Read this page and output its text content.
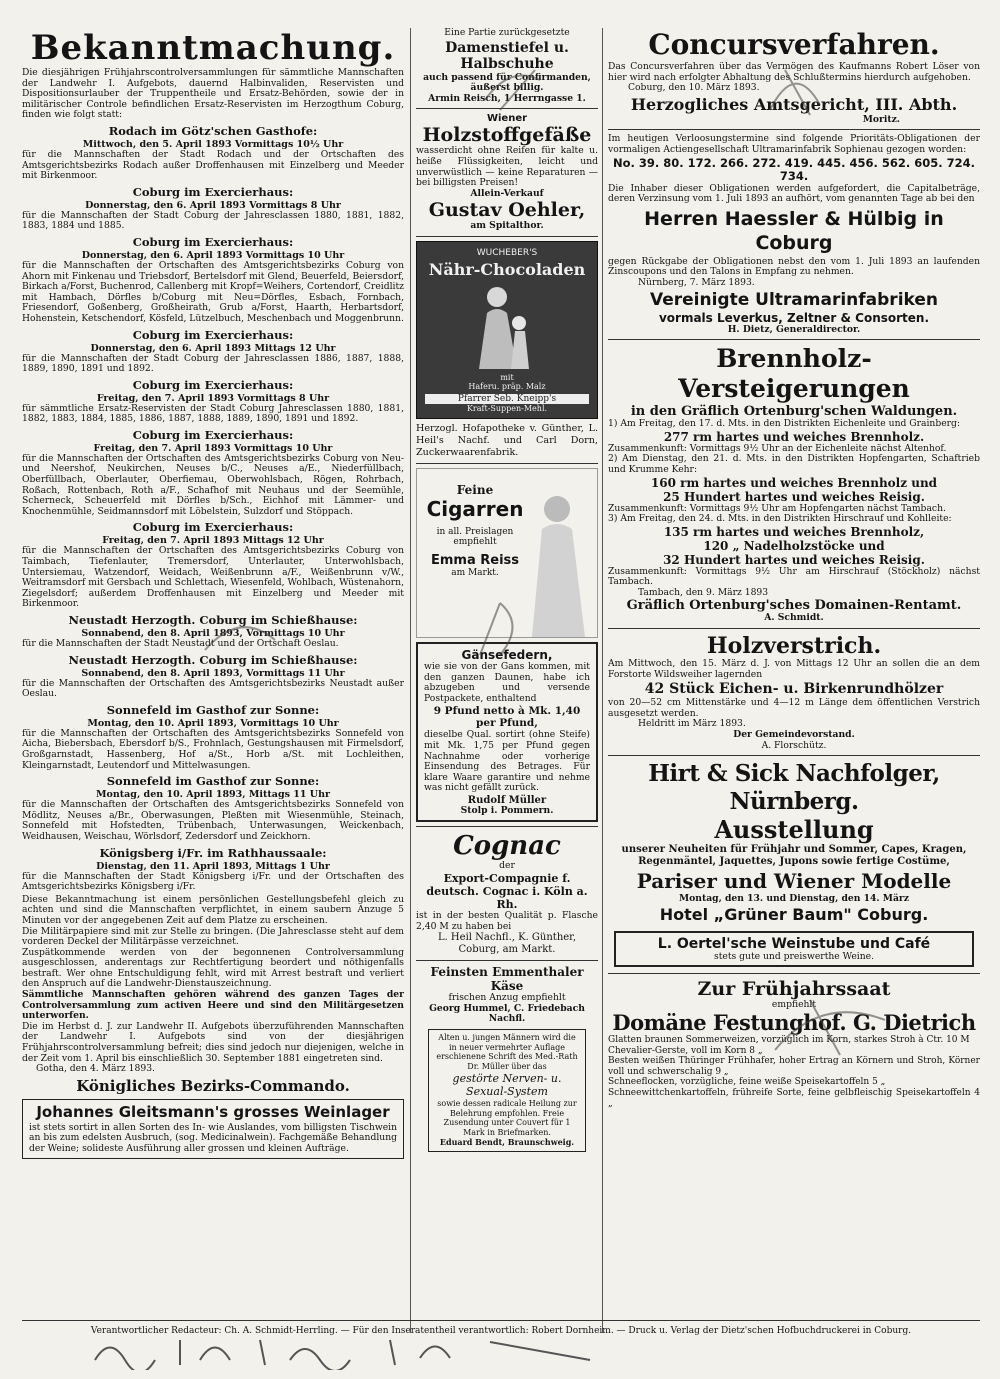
Bekanntmachung.

Die diesjährigen Frühjahrscontrolversammlungen für sämmtliche Mannschaften der Landwehr I. Aufgebots, dauernd Halbinvaliden, Reservisten und Dispositionsurlauber der Truppentheile und Ersatz-Behörden, sowie der in militärischer Controle befindlichen Ersatz-Reservisten im Herzogthum Coburg, finden wie folgt statt:

Rodach im Götz'schen Gasthofe:

Mittwoch, den 5. April 1893 Vormittags 10½ Uhr

für die Mannschaften der Stadt Rodach und der Ortschaften des Amtsgerichtsbezirks Rodach außer Droffenhausen mit Einzelberg und Meeder mit Birkenmoor.

Coburg im Exercierhaus:

Donnerstag, den 6. April 1893 Vormittags 8 Uhr

für die Mannschaften der Stadt Coburg der Jahresclassen 1880, 1881, 1882, 1883, 1884 und 1885.

Coburg im Exercierhaus:

Donnerstag, den 6. April 1893 Vormittags 10 Uhr

für die Mannschaften der Ortschaften des Amtsgerichtsbezirks Coburg von Ahorn mit Finkenau und Triebsdorf, Bertelsdorf mit Glend, Beuerfeld, Beiersdorf, Birkach a/Forst, Buchenrod, Callenberg mit Kropf=Weihers, Cortendorf, Creidlitz mit Hambach, Dörfles b/Coburg mit Neu=Dörfles, Esbach, Fornbach, Friesendorf, Goßenberg, Großheirath, Grub a/Forst, Haarth, Herbartsdorf, Hohenstein, Ketschendorf, Kösfeld, Lützelbuch, Meschenbach und Moggenbrunn.

Coburg im Exercierhaus:

Donnerstag, den 6. April 1893 Mittags 12 Uhr

für die Mannschaften der Stadt Coburg der Jahresclassen 1886, 1887, 1888, 1889, 1890, 1891 und 1892.

Coburg im Exercierhaus:

Freitag, den 7. April 1893 Vormittags 8 Uhr

für sämmtliche Ersatz-Reservisten der Stadt Coburg Jahresclassen 1880, 1881, 1882, 1883, 1884, 1885, 1886, 1887, 1888, 1889, 1890, 1891 und 1892.

Coburg im Exercierhaus:

Freitag, den 7. April 1893 Vormittags 10 Uhr

für die Mannschaften der Ortschaften des Amtsgerichtsbezirks Coburg von Neu- und Neershof, Neukirchen, Neuses b/C., Neuses a/E., Niederfüllbach, Oberfüllbach, Oberlauter, Oberfiemau, Oberwohlsbach, Rögen, Rohrbach, Roßach, Rottenbach, Roth a/F., Schafhof mit Neuhaus und der Seemühle, Scherneck, Scheuerfeld mit Dörfles b/Sch., Eichhof mit Lämmer- und Knochenmühle, Seidmannsdorf mit Löbelstein, Sulzdorf und Stöppach.

Coburg im Exercierhaus:

Freitag, den 7. April 1893 Mittags 12 Uhr

für die Mannschaften der Ortschaften des Amtsgerichtsbezirks Coburg von Taimbach, Tiefenlauter, Tremersdorf, Unterlauter, Unterwohlsbach, Untersiemau, Watzendorf, Weidach, Weißenbrunn a/F., Weißenbrunn v/W., Weitramsdorf mit Gersbach und Schlettach, Wiesenfeld, Wohlbach, Wüstenahorn, Ziegelsdorf; außerdem Droffenhausen mit Einzelberg und Meeder mit Birkenmoor.

Neustadt Herzogth. Coburg im Schießhause:

Sonnabend, den 8. April 1893, Vormittags 10 Uhr

für die Mannschaften der Stadt Neustadt und der Ortschaft Oeslau.

Neustadt Herzogth. Coburg im Schießhause:

Sonnabend, den 8. April 1893, Vormittags 11 Uhr

für die Mannschaften der Ortschaften des Amtsgerichtsbezirks Neustadt außer Oeslau.

Sonnefeld im Gasthof zur Sonne:

Montag, den 10. April 1893, Vormittags 10 Uhr

für die Mannschaften der Ortschaften des Amtsgerichtsbezirks Sonnefeld von Aicha, Biebersbach, Ebersdorf b/S., Frohnlach, Gestungshausen mit Firmelsdorf, Großgarnstadt, Hassenberg, Hof a/St., Horb a/St. mit Lochleithen, Kleingarnstadt, Leutendorf und Mittelwasungen.

Sonnefeld im Gasthof zur Sonne:

Montag, den 10. April 1893, Mittags 11 Uhr

für die Mannschaften der Ortschaften des Amtsgerichtsbezirks Sonnefeld von Mödlitz, Neuses a/Br., Oberwasungen, Pleßten mit Wiesenmühle, Steinach, Sonnefeld mit Hofstedten, Trübenbach, Unterwasungen, Weickenbach, Weidhausen, Weischau, Wörlsdorf, Zedersdorf und Zeickhorn.

Königsberg i/Fr. im Rathhaussaale:

Dienstag, den 11. April 1893, Mittags 1 Uhr

für die Mannschaften der Stadt Königsberg i/Fr. und der Ortschaften des Amtsgerichtsbezirks Königsberg i/Fr.

Diese Bekanntmachung ist einem persönlichen Gestellungsbefehl gleich zu achten und sind die Mannschaften verpflichtet, in einem saubern Anzuge 5 Minuten vor der angegebenen Zeit auf dem Platze zu erscheinen.

Die Militärpapiere sind mit zur Stelle zu bringen. (Die Jahresclasse steht auf dem vorderen Deckel der Militärpässe verzeichnet.

Zuspätkommende werden von der begonnenen Controlversammlung ausgeschlossen, anderentags zur Rechtfertigung beordert und nöthigenfalls bestraft. Wer ohne Entschuldigung fehlt, wird mit Arrest bestraft und verliert den Anspruch auf die Landwehr-Dienstauszeichnung.

Sämmtliche Mannschaften gehören während des ganzen Tages der Controlversammlung zum activen Heere und sind den Militärgesetzen unterworfen.

Die im Herbst d. J. zur Landwehr II. Aufgebots überzuführenden Mannschaften der Landwehr I. Aufgebots sind von der diesjährigen Frühjahrscontrolversammlung befreit; dies sind jedoch nur diejenigen, welche in der Zeit vom 1. April bis einschließlich 30. September 1881 eingetreten sind.

Gotha, den 4. März 1893.

Königliches Bezirks-Commando.

Johannes Gleitsmann's grosses Weinlager

ist stets sortirt in allen Sorten des In- wie Auslandes, vom billigsten Tischwein an bis zum edelsten Ausbruch, (sog. Medicinalwein). Fachgemäße Behandlung der Weine; solideste Ausführung aller grossen und kleinen Aufträge.

Eine Partie zurückgesetzte

Damenstiefel u. Halbschuhe

auch passend für Confirmanden, äußerst billig.

Armin Reisch, 1 Herrngasse 1.

Wiener

Holzstoffgefäße

wasserdicht ohne Reifen für kalte u. heiße Flüssigkeiten, leicht und unverwüstlich — keine Reparaturen — bei billigsten Preisen!

Allein-Verkauf

Gustav Oehler,

am Spitalthor.

WUCHEBER'S
Nähr-Chocoladen
mit
Haferu. präp. Malz
Pfarrer Seb. Kneipp's
Kraft-Suppen-Mehl.

Herzogl. Hofapotheke v. Günther, L. Heil's Nachf. und Carl Dorn, Zuckerwaarenfabrik.

Feine
Cigarren
in all. Preislagen empfiehlt
Emma Reiss
am Markt.

Gänsefedern,

wie sie von der Gans kommen, mit den ganzen Daunen, habe ich abzugeben und versende Postpackete, enthaltend

9 Pfund netto à Mk. 1,40 per Pfund,

dieselbe Qual. sortirt (ohne Steife) mit Mk. 1,75 per Pfund gegen Nachnahme oder vorherige Einsendung des Betrages. Für klare Waare garantire und nehme was nicht gefällt zurück.

Rudolf Müller

Stolp i. Pommern.

Cognac

der

Export-Compagnie f. deutsch. Cognac i. Köln a. Rh.

ist in der besten Qualität p. Flasche 2,40 M zu haben bei

L. Heil Nachfl., K. Günther, Coburg, am Markt.

Feinsten Emmenthaler Käse

frischen Anzug empfiehlt

Georg Hummel, C. Friedebach Nachfl.

Alten u. jungen Männern wird die in neuer vermehrter Auflage erschienene Schrift des Med.-Rath Dr. Müller über das

gestörte Nerven- u. Sexual-System

sowie dessen radicale Heilung zur Belehrung empfohlen. Freie Zusendung unter Couvert für 1 Mark in Briefmarken.

Eduard Bendt, Braunschweig.

Concursverfahren.

Das Concursverfahren über das Vermögen des Kaufmanns Robert Löser von hier wird nach erfolgter Abhaltung des Schlußtermins hierdurch aufgehoben.

Coburg, den 10. März 1893.

Herzogliches Amtsgericht, III. Abth.

Moritz.

Im heutigen Verloosungstermine sind folgende Prioritäts-Obligationen der vormaligen Actiengesellschaft Ultramarinfabrik Sophienau gezogen worden:

No. 39. 80. 172. 266. 272. 419. 445. 456. 562. 605. 724. 734.

Die Inhaber dieser Obligationen werden aufgefordert, die Capitalbeträge, deren Verzinsung vom 1. Juli 1893 an aufhört, vom genannten Tage ab bei den

Herren Haessler & Hülbig in Coburg

gegen Rückgabe der Obligationen nebst den vom 1. Juli 1893 an laufenden Zinscoupons und den Talons in Empfang zu nehmen.

Nürnberg, 7. März 1893.

Vereinigte Ultramarinfabriken

vormals Leverkus, Zeltner & Consorten.

H. Dietz, Generaldirector.

Brennholz-Versteigerungen

in den Gräflich Ortenburg'schen Waldungen.

1) Am Freitag, den 17. d. Mts. in den Distrikten Eichenleite und Grainberg:

277 rm hartes und weiches Brennholz.

Zusammenkunft: Vormittags 9½ Uhr an der Eichenleite nächst Altenhof.

2) Am Dienstag, den 21. d. Mts. in den Distrikten Hopfengarten, Schaftrieb und Krumme Kehr:

160 rm hartes und weiches Brennholz und

25 Hundert hartes und weiches Reisig.

Zusammenkunft: Vormittags 9½ Uhr am Hopfengarten nächst Tambach.

3) Am Freitag, den 24. d. Mts. in den Distrikten Hirschrauf und Kohlleite:

135 rm hartes und weiches Brennholz,

120 „ Nadelholzstöcke und

32 Hundert hartes und weiches Reisig.

Zusammenkunft: Vormittags 9½ Uhr am Hirschrauf (Stöckholz) nächst Tambach.

Tambach, den 9. März 1893

Gräflich Ortenburg'sches Domainen-Rentamt.

A. Schmidt.

Holzverstrich.

Am Mittwoch, den 15. März d. J. von Mittags 12 Uhr an sollen die an dem Forstorte Wildsweiher lagernden

42 Stück Eichen- u. Birkenrundhölzer

von 20—52 cm Mittenstärke und 4—12 m Länge dem öffentlichen Verstrich ausgesetzt werden.

Heldritt im März 1893.

Der Gemeindevorstand.

A. Florschütz.

Hirt & Sick Nachfolger, Nürnberg.

Ausstellung

unserer Neuheiten für Frühjahr und Sommer, Capes, Kragen, Regenmäntel, Jaquettes, Jupons sowie fertige Costüme,

Pariser und Wiener Modelle

Montag, den 13. und Dienstag, den 14. März

Hotel „Grüner Baum" Coburg.

L. Oertel'sche Weinstube und Café

stets gute und preiswerthe Weine.

Zur Frühjahrssaat

empfiehlt

Domäne Festunghof. G. Dietrich

Glatten braunen Sommerweizen, vorzüglich im Korn, starkes Stroh à Ctr. 10 M

Chevalier-Gerste, voll im Korn 8 „

Besten weißen Thüringer Frühhafer, hoher Ertrag an Körnern und Stroh, Körner voll und schwerschalig 9 „

Schneeflocken, vorzügliche, feine weiße Speisekartoffeln 5 „

Schneewittchenkartoffeln, frühreife Sorte, feine gelbfleischig Speisekartoffeln 4 „

Verantwortlicher Redacteur: Ch. A. Schmidt-Herrling. — Für den Inseratentheil verantwortlich: Robert Dornheim. — Druck u. Verlag der Dietz'schen Hofbuchdruckerei in Coburg.
